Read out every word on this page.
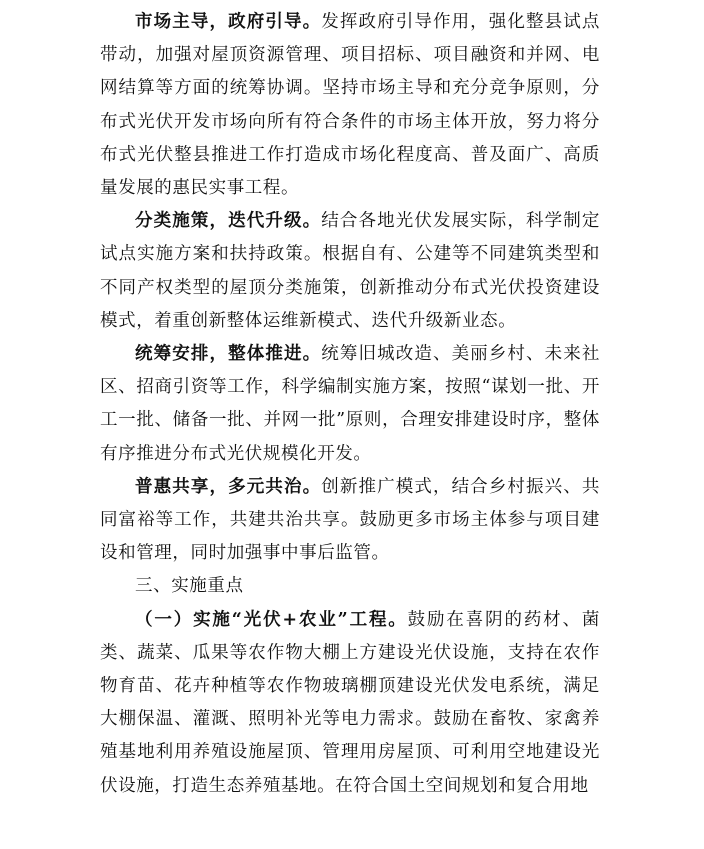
市场主导，政府引导。发挥政府引导作用，强化整县试点带动，加强对屋顶资源管理、项目招标、项目融资和并网、电网结算等方面的统筹协调。坚持市场主导和充分竞争原则，分布式光伏开发市场向所有符合条件的市场主体开放，努力将分布式光伏整县推进工作打造成市场化程度高、普及面广、高质量发展的惠民实事工程。

分类施策，迭代升级。结合各地光伏发展实际，科学制定试点实施方案和扶持政策。根据自有、公建等不同建筑类型和不同产权类型的屋顶分类施策，创新推动分布式光伏投资建设模式，着重创新整体运维新模式、迭代升级新业态。

统筹安排，整体推进。统筹旧城改造、美丽乡村、未来社区、招商引资等工作，科学编制实施方案，按照“谋划一批、开工一批、储备一批、并网一批”原则，合理安排建设时序，整体有序推进分布式光伏规模化开发。

普惠共享，多元共治。创新推广模式，结合乡村振兴、共同富裕等工作，共建共治共享。鼓励更多市场主体参与项目建设和管理，同时加强事中事后监管。

三、实施重点

（一）实施“光伏+农业”工程。鼓励在喜阴的药材、菌类、蔬菜、瓜果等农作物大棚上方建设光伏设施，支持在农作物育苗、花卉种植等农作物玻璃棚顶建设光伏发电系统，满足大棚保温、灌溉、照明补光等电力需求。鼓励在畜牧、家禽养殖基地利用养殖设施屋顶、管理用房屋顶、可利用空地建设光伏设施，打造生态养殖基地。在符合国土空间规划和复合用地
